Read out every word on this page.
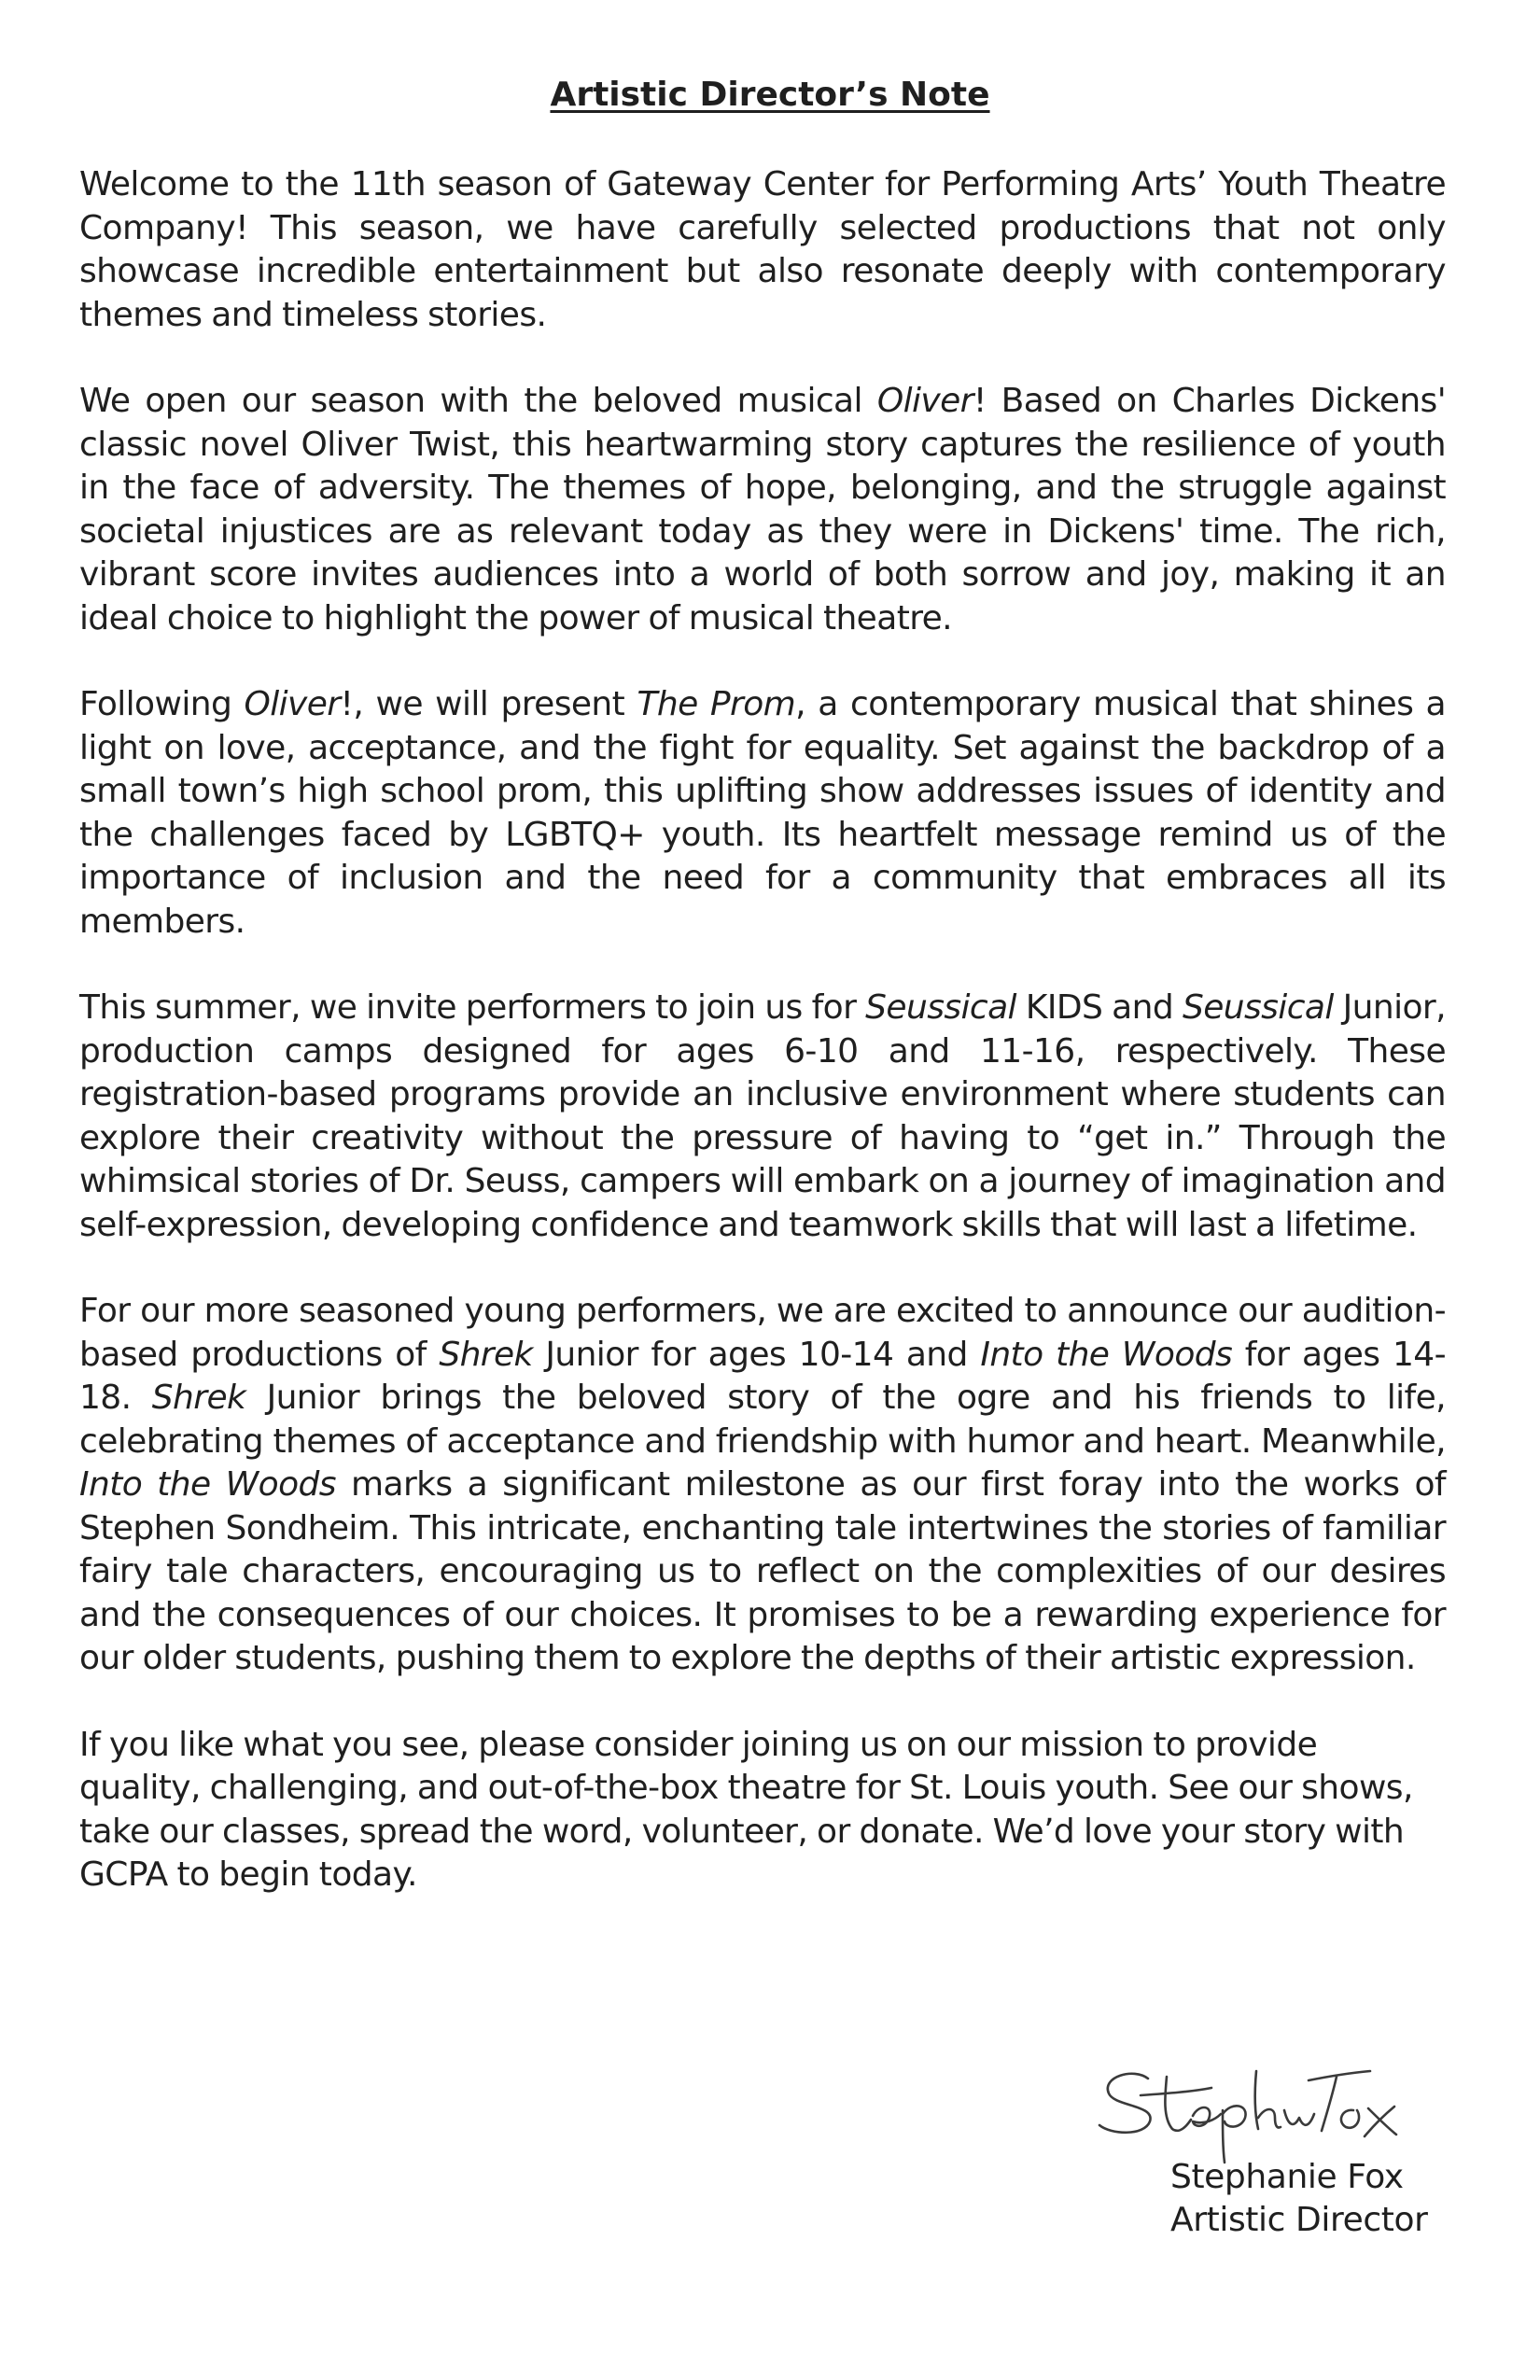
Artistic Director’s Note

Welcome to the 11th season of Gateway Center for Performing Arts’ Youth Theatre Company! This season, we have carefully selected productions that not only showcase incredible entertainment but also resonate deeply with contemporary themes and timeless stories.

We open our season with the beloved musical Oliver! Based on Charles Dickens' classic novel Oliver Twist, this heartwarming story captures the resilience of youth in the face of adversity. The themes of hope, belonging, and the struggle against societal injustices are as relevant today as they were in Dickens' time. The rich, vibrant score invites audiences into a world of both sorrow and joy, making it an ideal choice to highlight the power of musical theatre.

Following Oliver!, we will present The Prom, a contemporary musical that shines a light on love, acceptance, and the fight for equality. Set against the backdrop of a small town’s high school prom, this uplifting show addresses issues of identity and the challenges faced by LGBTQ+ youth. Its heartfelt message remind us of the importance of inclusion and the need for a community that embraces all its members.

This summer, we invite performers to join us for Seussical KIDS and Seussical Junior, production camps designed for ages 6-10 and 11-16, respectively. These registration-based programs provide an inclusive environment where students can explore their creativity without the pressure of having to “get in.” Through the whimsical stories of Dr. Seuss, campers will embark on a journey of imagination and self-expression, developing confidence and teamwork skills that will last a lifetime.

For our more seasoned young performers, we are excited to announce our audition-based productions of Shrek Junior for ages 10-14 and Into the Woods for ages 14-18. Shrek Junior brings the beloved story of the ogre and his friends to life, celebrating themes of acceptance and friendship with humor and heart. Meanwhile, Into the Woods marks a significant milestone as our first foray into the works of Stephen Sondheim. This intricate, enchanting tale intertwines the stories of familiar fairy tale characters, encouraging us to reflect on the complexities of our desires and the consequences of our choices. It promises to be a rewarding experience for our older students, pushing them to explore the depths of their artistic expression.

If you like what you see, please consider joining us on our mission to provide quality, challenging, and out-of-the-box theatre for St. Louis youth. See our shows, take our classes, spread the word, volunteer, or donate. We’d love your story with GCPA to begin today.

Stephanie Fox
Artistic Director
